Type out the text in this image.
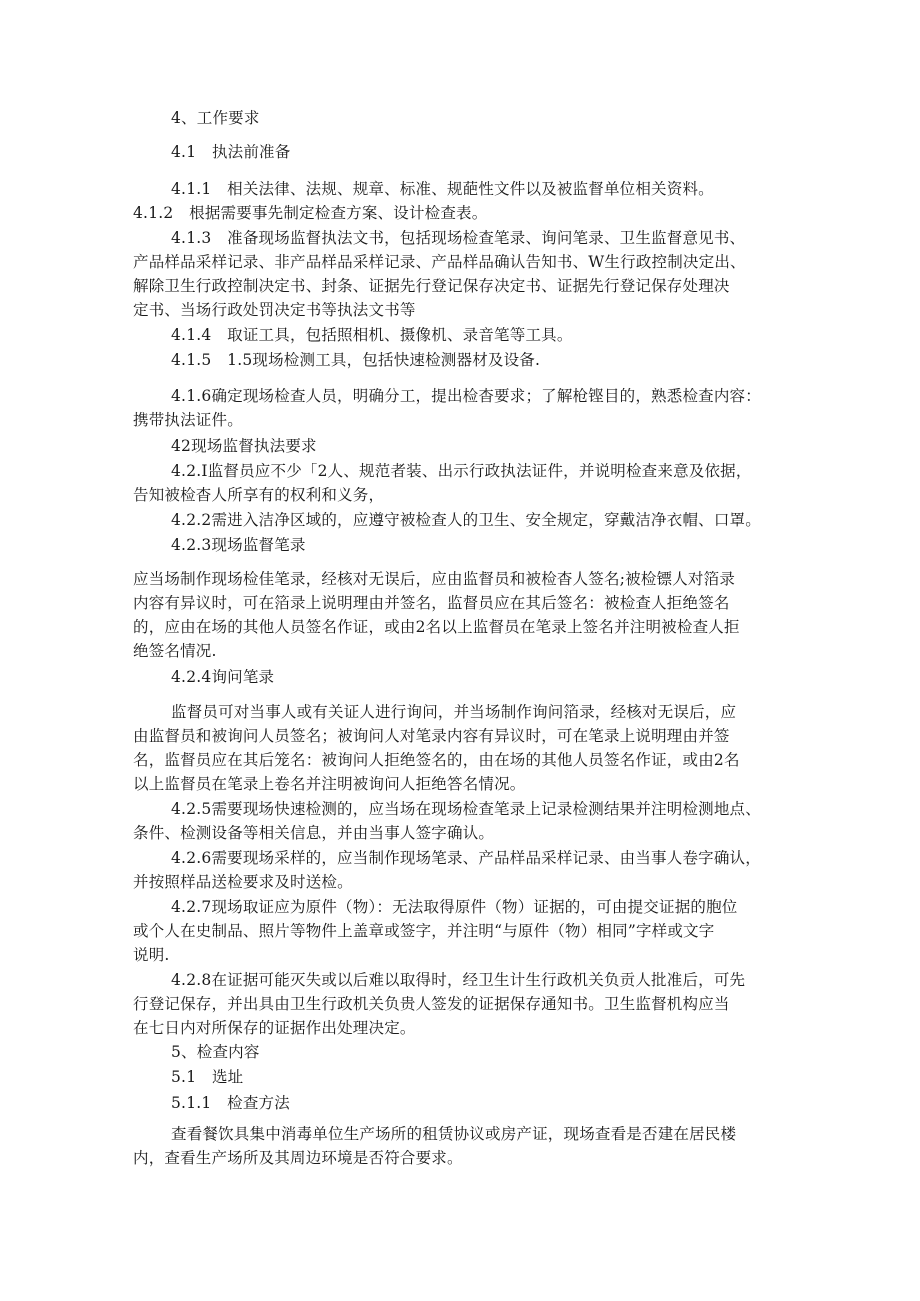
4、工作要求

4.1　执法前准备

4.1.1　相关法律、法规、规章、标准、规葩性文件以及被监督单位相关资料。

4.1.2　根据需要事先制定检查方案、设计检查表。

4.1.3　准备现场监督执法文书，包括现场检查笔录、询问笔录、卫生监督意见书、

产品样品采样记录、非产品样品采样记录、产品样品确认告知书、W生行政控制决定出、

解除卫生行政控制决定书、封条、证据先行登记保存决定书、证据先行登记保存处理决

定书、当场行政处罚决定书等执法文书等

4.1.4　取证工具，包括照相机、摄像机、录音笔等工具。

4.1.5　1.5现场检测工具，包括快速检测器材及设备.

4.1.6确定现场检查人员，明确分工，提出检杳要求；了解枪铿目的，熟悉检查内容：

携带执法证件。

42现场监督执法要求

4.2.I监督员应不少「2人、规范者装、出示行政执法证件，并说明检查来意及依据，

告知被检杳人所享有的权利和义务，

4.2.2需进入洁净区域的，应遵守被检查人的卫生、安全规定，穿戴洁净衣帽、口罩。

4.2.3现场监督笔录

应当场制作现场检佳笔录，经核对无误后，应由监督员和被检杳人签名;被检镖人对箔录

内容有异议时，可在箔录上说明理由并签名，监督员应在其后签名：被检查人拒绝签名

的，应由在场的其他人员签名作证，或由2名以上监督员在笔录上签名并注明被检查人拒

绝签名情况.

4.2.4询问笔录

监督员可对当事人或有关证人进行询问，并当场制作询问箔录，经核对无误后，应

由监督员和被询问人员签名；被询问人对笔录内容有异议时，可在笔录上说明理由并签

名，监督员应在其后笼名：被询问人拒绝签名的，由在场的其他人员签名作证，或由2名

以上监督员在笔录上卷名并注明被询问人拒绝答名情况。

4.2.5需要现场快速检测的，应当场在现场检查笔录上记录检测结果并注明检测地点、

条件、检测设备等相关信息，并由当事人签字确认。

4.2.6需要现场采样的，应当制作现场笔录、产品样品采样记录、由当事人卷字确认，

并按照样品送检要求及时送检。

4.2.7现场取证应为原件（物）：无法取得原件（物）证据的，可由提交证据的胞位

或个人在史制品、照片等物件上盖章或签字，并注明“与原件（物）相同”字样或文字

说明.

4.2.8在证据可能灭失或以后难以取得时，经卫生计生行政机关负贡人批准后，可先

行登记保存，并出具由卫生行政机关负贵人签发的证据保存通知书。卫生监督机构应当

在七日内对所保存的证据作出处理决定。

5、检查内容

5.1　选址

5.1.1　检查方法

查看餐饮具集中消毒单位生产场所的租赁协议或房产证，现场查看是否建在居民楼

内，查看生产场所及其周边环境是否符合要求。
